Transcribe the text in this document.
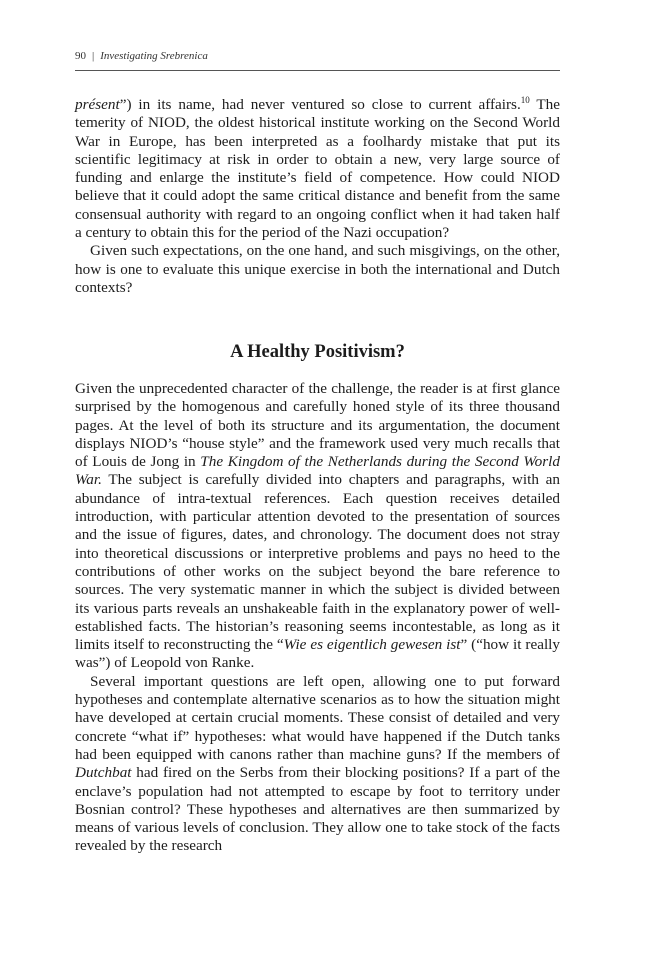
90 | Investigating Srebrenica

présent”) in its name, had never ventured so close to current affairs.$^{10}$ The temerity of NIOD, the oldest historical institute working on the Second World War in Europe, has been interpreted as a foolhardy mistake that put its scientific legitimacy at risk in order to obtain a new, very large source of funding and enlarge the institute’s field of competence. How could NIOD believe that it could adopt the same critical distance and benefit from the same consensual authority with regard to an ongoing conflict when it had taken half a century to obtain this for the period of the Nazi occupation?

Given such expectations, on the one hand, and such misgivings, on the other, how is one to evaluate this unique exercise in both the international and Dutch contexts?

A Healthy Positivism?

Given the unprecedented character of the challenge, the reader is at first glance surprised by the homogenous and carefully honed style of its three thousand pages. At the level of both its structure and its argumentation, the document displays NIOD’s “house style” and the framework used very much recalls that of Louis de Jong in The Kingdom of the Netherlands during the Second World War. The subject is carefully divided into chapters and paragraphs, with an abundance of intra-textual references. Each question receives detailed introduction, with particular attention devoted to the presentation of sources and the issue of figures, dates, and chronology. The document does not stray into theoretical discussions or interpretive problems and pays no heed to the contributions of other works on the subject beyond the bare reference to sources. The very systematic manner in which the subject is divided between its various parts reveals an unshakeable faith in the explanatory power of well-established facts. The historian’s reasoning seems incontestable, as long as it limits itself to reconstructing the “Wie es eigentlich gewesen ist” (“how it really was”) of Leopold von Ranke.

Several important questions are left open, allowing one to put forward hypotheses and contemplate alternative scenarios as to how the situation might have developed at certain crucial moments. These consist of detailed and very concrete “what if” hypotheses: what would have happened if the Dutch tanks had been equipped with canons rather than machine guns? If the members of Dutchbat had fired on the Serbs from their blocking positions? If a part of the enclave’s population had not attempted to escape by foot to territory under Bosnian control? These hypotheses and alternatives are then summarized by means of various levels of conclusion. They allow one to take stock of the facts revealed by the research
